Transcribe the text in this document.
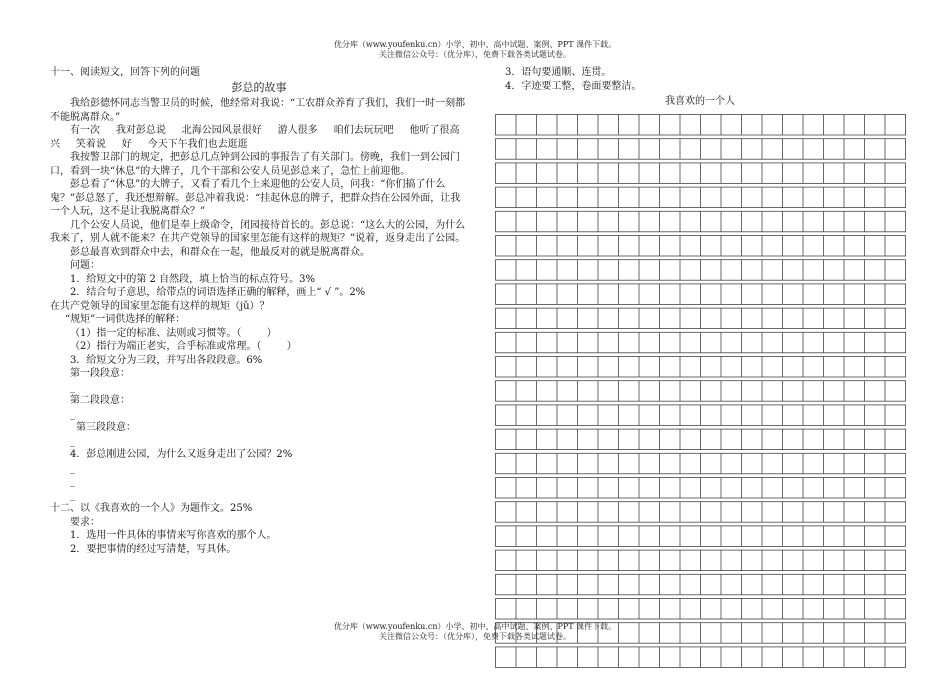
优分库（www.youfenku.cn）小学、初中、高中试题、案例、PPT 课件下载。
关注微信公众号：（优分库），免费下载各类试题试卷。

十一、阅读短文，回答下列的问题

彭总的故事

我给彭德怀同志当警卫员的时候，他经常对我说：“工农群众养育了我们，我们一时一刻都不能脱离群众。”

有一次     我对彭总说     北海公园风景很好     游人很多     咱们去玩玩吧     他听了很高兴     笑着说     好     今天下午我们也去逛逛

我按警卫部门的规定，把彭总几点钟到公园的事报告了有关部门。傍晚，我们一到公园门口，看到一块“休息”的大牌子，几个干部和公安人员见彭总来了，急忙上前迎他。

彭总看了“休息”的大牌子，又看了看几个上来迎他的公安人员，问我：“你们搞了什么鬼？”彭总怒了，我还想辩解。彭总冲着我说：“挂起休息的牌子，把群众挡在公园外面，让我一个人玩，这不是让我脱离群众？”

几个公安人员说，他们是奉上级命令，闭园接待首长的。彭总说：“这么大的公园，为什么我来了，别人就不能来？在共产党领导的国家里怎能有这样的规矩？”说着，返身走出了公园。

彭总最喜欢到群众中去，和群众在一起，他最反对的就是脱离群众。

问题：

1．给短文中的第 2 自然段，填上恰当的标点符号。3%

2．结合句子意思，给带点的词语选择正确的解释，画上“ √ ”。2%

在共产党领导的国家里怎能有这样的规矩（jǔ）？

“规矩”一词供选择的解释：

（1）指一定的标准、法则或习惯等。（        ）

（2）指行为端正老实，合乎标准或常理。（        ）

3．给短文分为三段，并写出各段段意。6%

第一段段意：

_

第二段段意：

_

第三段段意：

_

4．彭总刚进公园，为什么又返身走出了公园？2%

_

_

_

十二、以《我喜欢的一个人》为题作文。25%

要求：

1．选用一件具体的事情来写你喜欢的那个人。

2．要把事情的经过写清楚，写具体。

3．语句要通顺、连贯。

4．字迹要工整，卷面要整洁。

我喜欢的一个人
优分库（www.youfenku.cn）小学、初中、高中试题、案例、PPT 课件下载。
关注微信公众号：（优分库），免费下载各类试题试卷。
